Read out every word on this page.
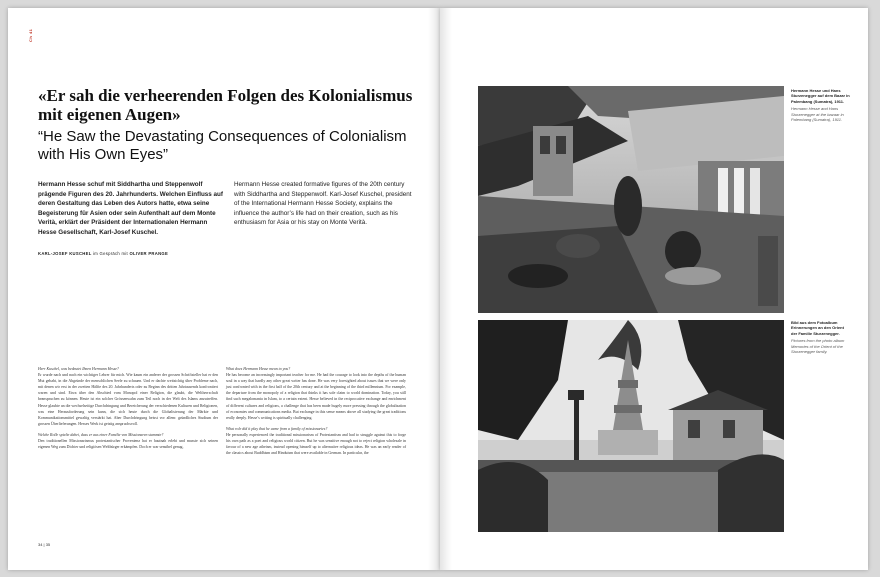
Ch 41
«Er sah die verheerenden Folgen des Kolonialismus mit eigenen Augen»
“He Saw the Devastating Consequences of Colonialism with His Own Eyes”
Hermann Hesse schuf mit Siddhartha und Steppenwolf prägende Figuren des 20. Jahrhunderts. Welchen Einfluss auf deren Gestaltung das Leben des Autors hatte, etwa seine Begeisterung für Asien oder sein Aufenthalt auf dem Monte Verità, erklärt der Präsident der Internationalen Hermann Hesse Gesellschaft, Karl-Josef Kuschel.
Hermann Hesse created formative figures of the 20th century with Siddhartha and Steppenwolf. Karl-Josef Kuschel, president of the International Hermann Hesse Society, explains the influence the author’s life had on their creation, such as his enthusiasm for Asia or his stay on Monte Verità.
KARL-JOSEF KUSCHEL im Gespräch mit OLIVER PRANGE

Herr Kuschel, was bedeutet Ihnen Hermann Hesse?

Er wurde nach und nach ein wichtiger Lehrer für mich. Wie kaum ein anderer der grossen Schriftsteller hat er den Mut gehabt, in die Abgründe der menschlichen Seele zu schauen. Und er dachte weitsichtig über Probleme nach, mit denen wir erst in der zweiten Hälfte des 20. Jahrhunderts oder zu Beginn des dritten Jahrtausends konfrontiert waren und sind. Etwa über den Abschied vom Monopol einer Religion, die glaubt, die Weltherrschaft beanspruchen zu können. Heute ist ein solcher Grössenwahn zum Teil noch in der Welt des Islams anzutreffen. Hesse glaubte an die wechselseitige Durchdringung und Bereicherung der verschiedenen Kulturen und Religionen, was eine Herausforderung sein kann, die sich heute durch die Globalisierung der Märkte und Kommunikationsmittel gewaltig verstärkt hat. Aber Durchdringung heisst vor allem: gründliches Studium der grossen Überlieferungen. Hesses Werk ist geistig anspruchsvoll.

Welche Rolle spielte dabei, dass er aus einer Familie von Missionaren stammte?

Den traditionellen Missionarismus protestantischer Provenienz hat er hautnah erlebt und musste sich seinen eigenen Weg zum Dichter und religiösen Weltbürger erkämpfen. Doch er war sensibel genug,

What does Hermann Hesse mean to you?

He has become an increasingly important teacher for me. He had the courage to look into the depths of the human soul in a way that hardly any other great writer has done. He was very foresighted about issues that we were only just confronted with in the first half of the 20th century and at the beginning of the third millennium. For example, the departure from the monopoly of a religion that thinks it has sole claim to world domination. Today, you still find such megalomania in Islam, to a certain extent. Hesse believed in the reciprocative exchange and enrichment of different cultures and religions, a challenge that has been made hugely more pressing through the globalisation of economies and communications media. But exchange in this sense means above all studying the great traditions really deeply. Hesse’s writing is spiritually challenging.

What role did it play that he came from a family of missionaries?

He personally experienced the traditional missionarism of Protestantism and had to struggle against this to forge his own path as a poet and religious world citizen. But he was sensitive enough not to reject religion wholesale in favour of a new age atheism, instead opening himself up to alternative religious ideas. He was an early reader of the classics about Buddhism and Hinduism that were available in German. In particular, the

34 | 35
Hermann Hesse und Hans Sturzenegger auf dem Bazar in Palembang (Sumatra), 1911.
Hermann Hesse and Hans Sturzenegger at the bazaar in Palembang (Sumatra), 1911.
Bild aus dem Fotoalbum Erinnerungen an den Orient der Familie Sturzenegger.
Pictures from the photo album Memories of the Orient of the Sturzenegger family.
